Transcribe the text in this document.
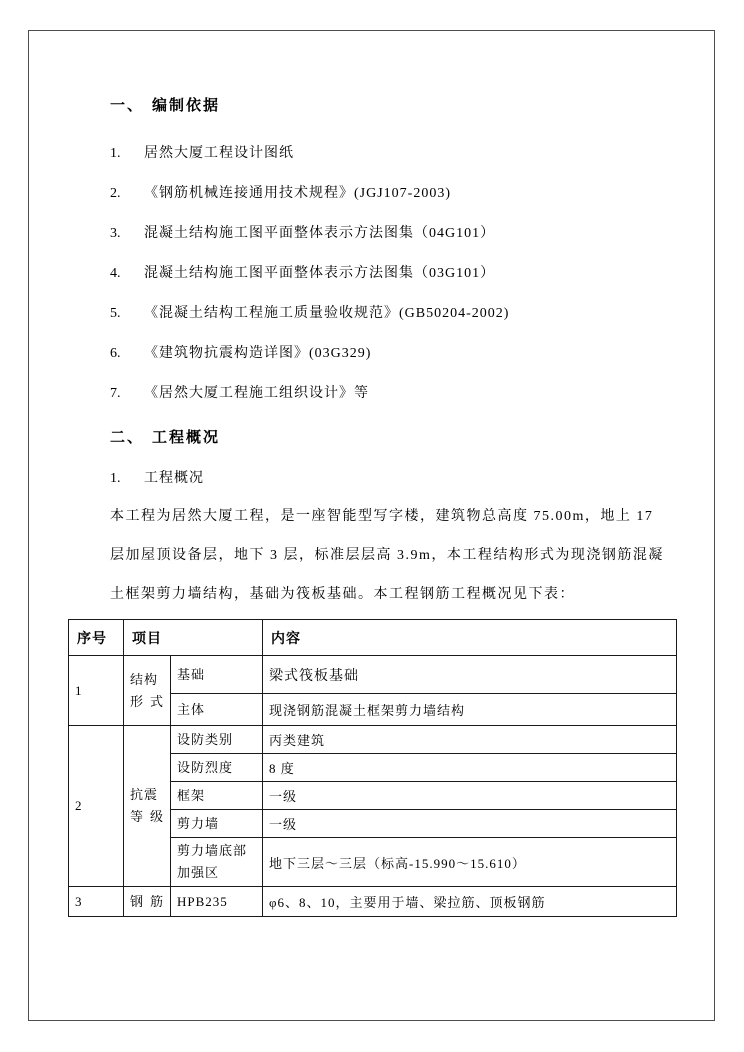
一、 编制依据
1. 居然大厦工程设计图纸
2. 《钢筋机械连接通用技术规程》(JGJ107-2003)
3. 混凝土结构施工图平面整体表示方法图集（04G101）
4. 混凝土结构施工图平面整体表示方法图集（03G101）
5. 《混凝土结构工程施工质量验收规范》(GB50204-2002)
6. 《建筑物抗震构造详图》(03G329)
7. 《居然大厦工程施工组织设计》等
二、 工程概况
1. 工程概况
本工程为居然大厦工程，是一座智能型写字楼，建筑物总高度 75.00m，地上 17
层加屋顶设备层，地下 3 层，标准层层高 3.9m，本工程结构形式为现浇钢筋混凝
土框架剪力墙结构，基础为筏板基础。本工程钢筋工程概况见下表：
序号	项目		内容
1	结构形式	基础	梁式筏板基础
		主体	现浇钢筋混凝土框架剪力墙结构
2	抗震等级	设防类别	丙类建筑
		设防烈度	8 度
		框架	一级
		剪力墙	一级
		剪力墙底部加强区	地下三层～三层（标高-15.990～15.610）
3	钢筋	HPB235	φ6、8、10，主要用于墙、梁拉筋、顶板钢筋
